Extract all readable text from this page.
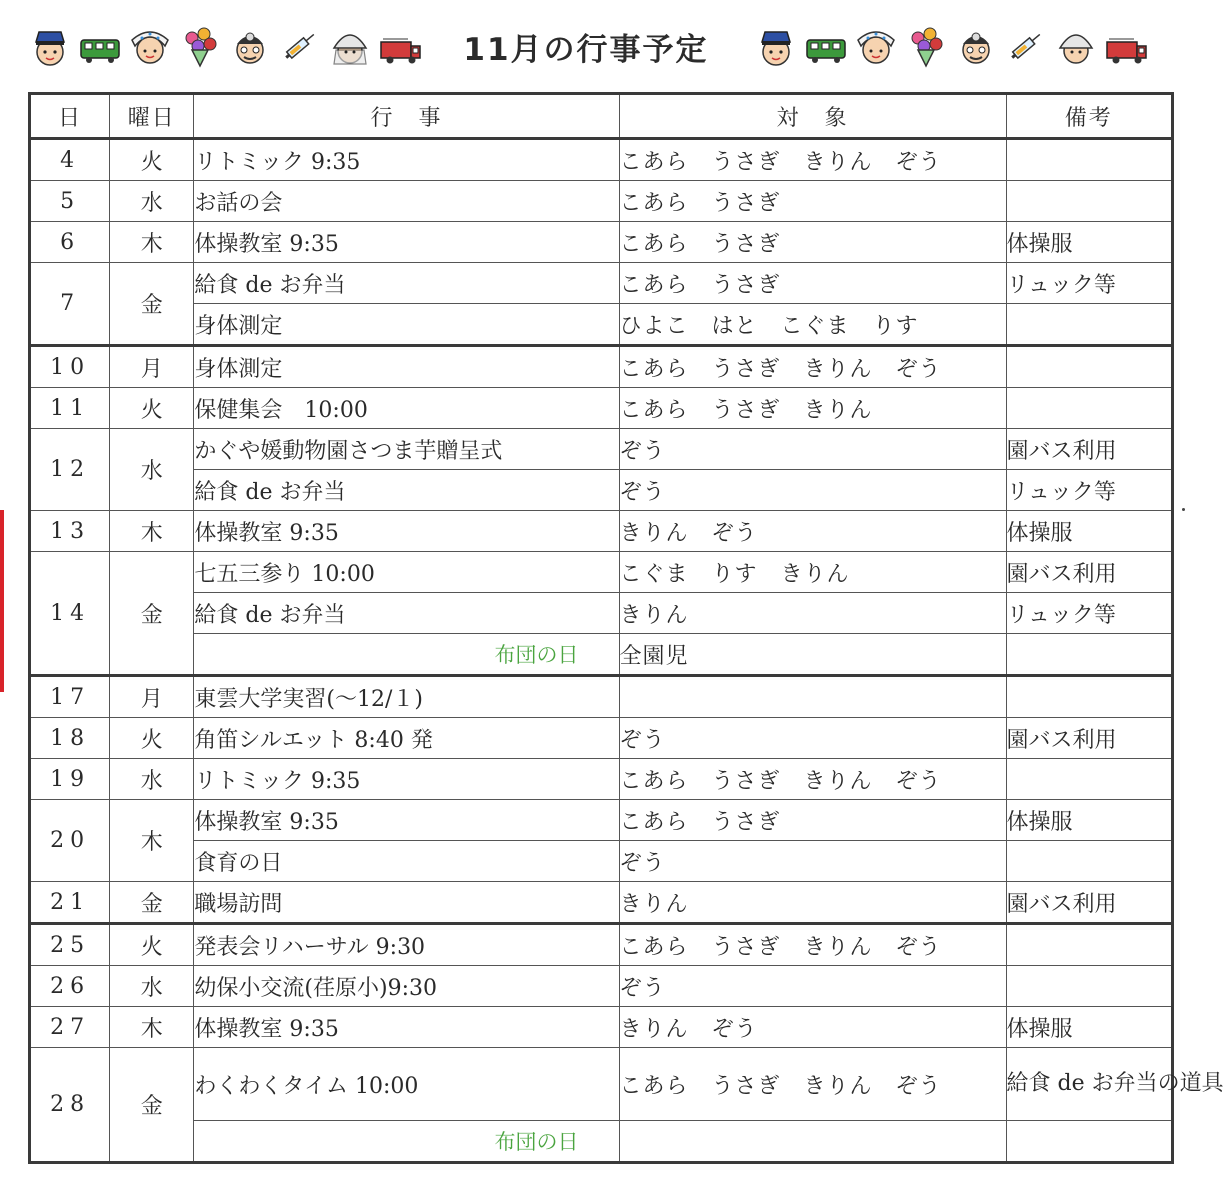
11月の行事予定
日	曜日	行　事	対　象	備考
4	火	リトミック 9:35	こあら　うさぎ　きりん　ぞう	
5	水	お話の会	こあら　うさぎ	
6	木	体操教室 9:35	こあら　うさぎ	体操服
7	金	給食 de お弁当	こあら　うさぎ	リュック等
		身体測定	ひよこ　はと　こぐま　りす	
10	月	身体測定	こあら　うさぎ　きりん　ぞう	
11	火	保健集会　10:00	こあら　うさぎ　きりん	
12	水	かぐや媛動物園さつま芋贈呈式	ぞう	園バス利用
		給食 de お弁当	ぞう	リュック等
13	木	体操教室 9:35	きりん　ぞう	体操服
14	金	七五三参り 10:00	こぐま　りす　きりん	園バス利用
		給食 de お弁当	きりん	リュック等
		布団の日	全園児	
17	月	東雲大学実習(～12/１)		
18	火	角笛シルエット 8:40 発	ぞう	園バス利用
19	水	リトミック 9:35	こあら　うさぎ　きりん　ぞう	
20	木	体操教室 9:35	こあら　うさぎ	体操服
		食育の日	ぞう	
21	金	職場訪問	きりん	園バス利用
25	火	発表会リハーサル 9:30	こあら　うさぎ　きりん　ぞう	
26	水	幼保小交流(荏原小)9:30	ぞう	
27	木	体操教室 9:35	きりん　ぞう	体操服
28	金	わくわくタイム 10:00	こあら　うさぎ　きりん　ぞう	給食 de お弁当の道具
		布団の日		
